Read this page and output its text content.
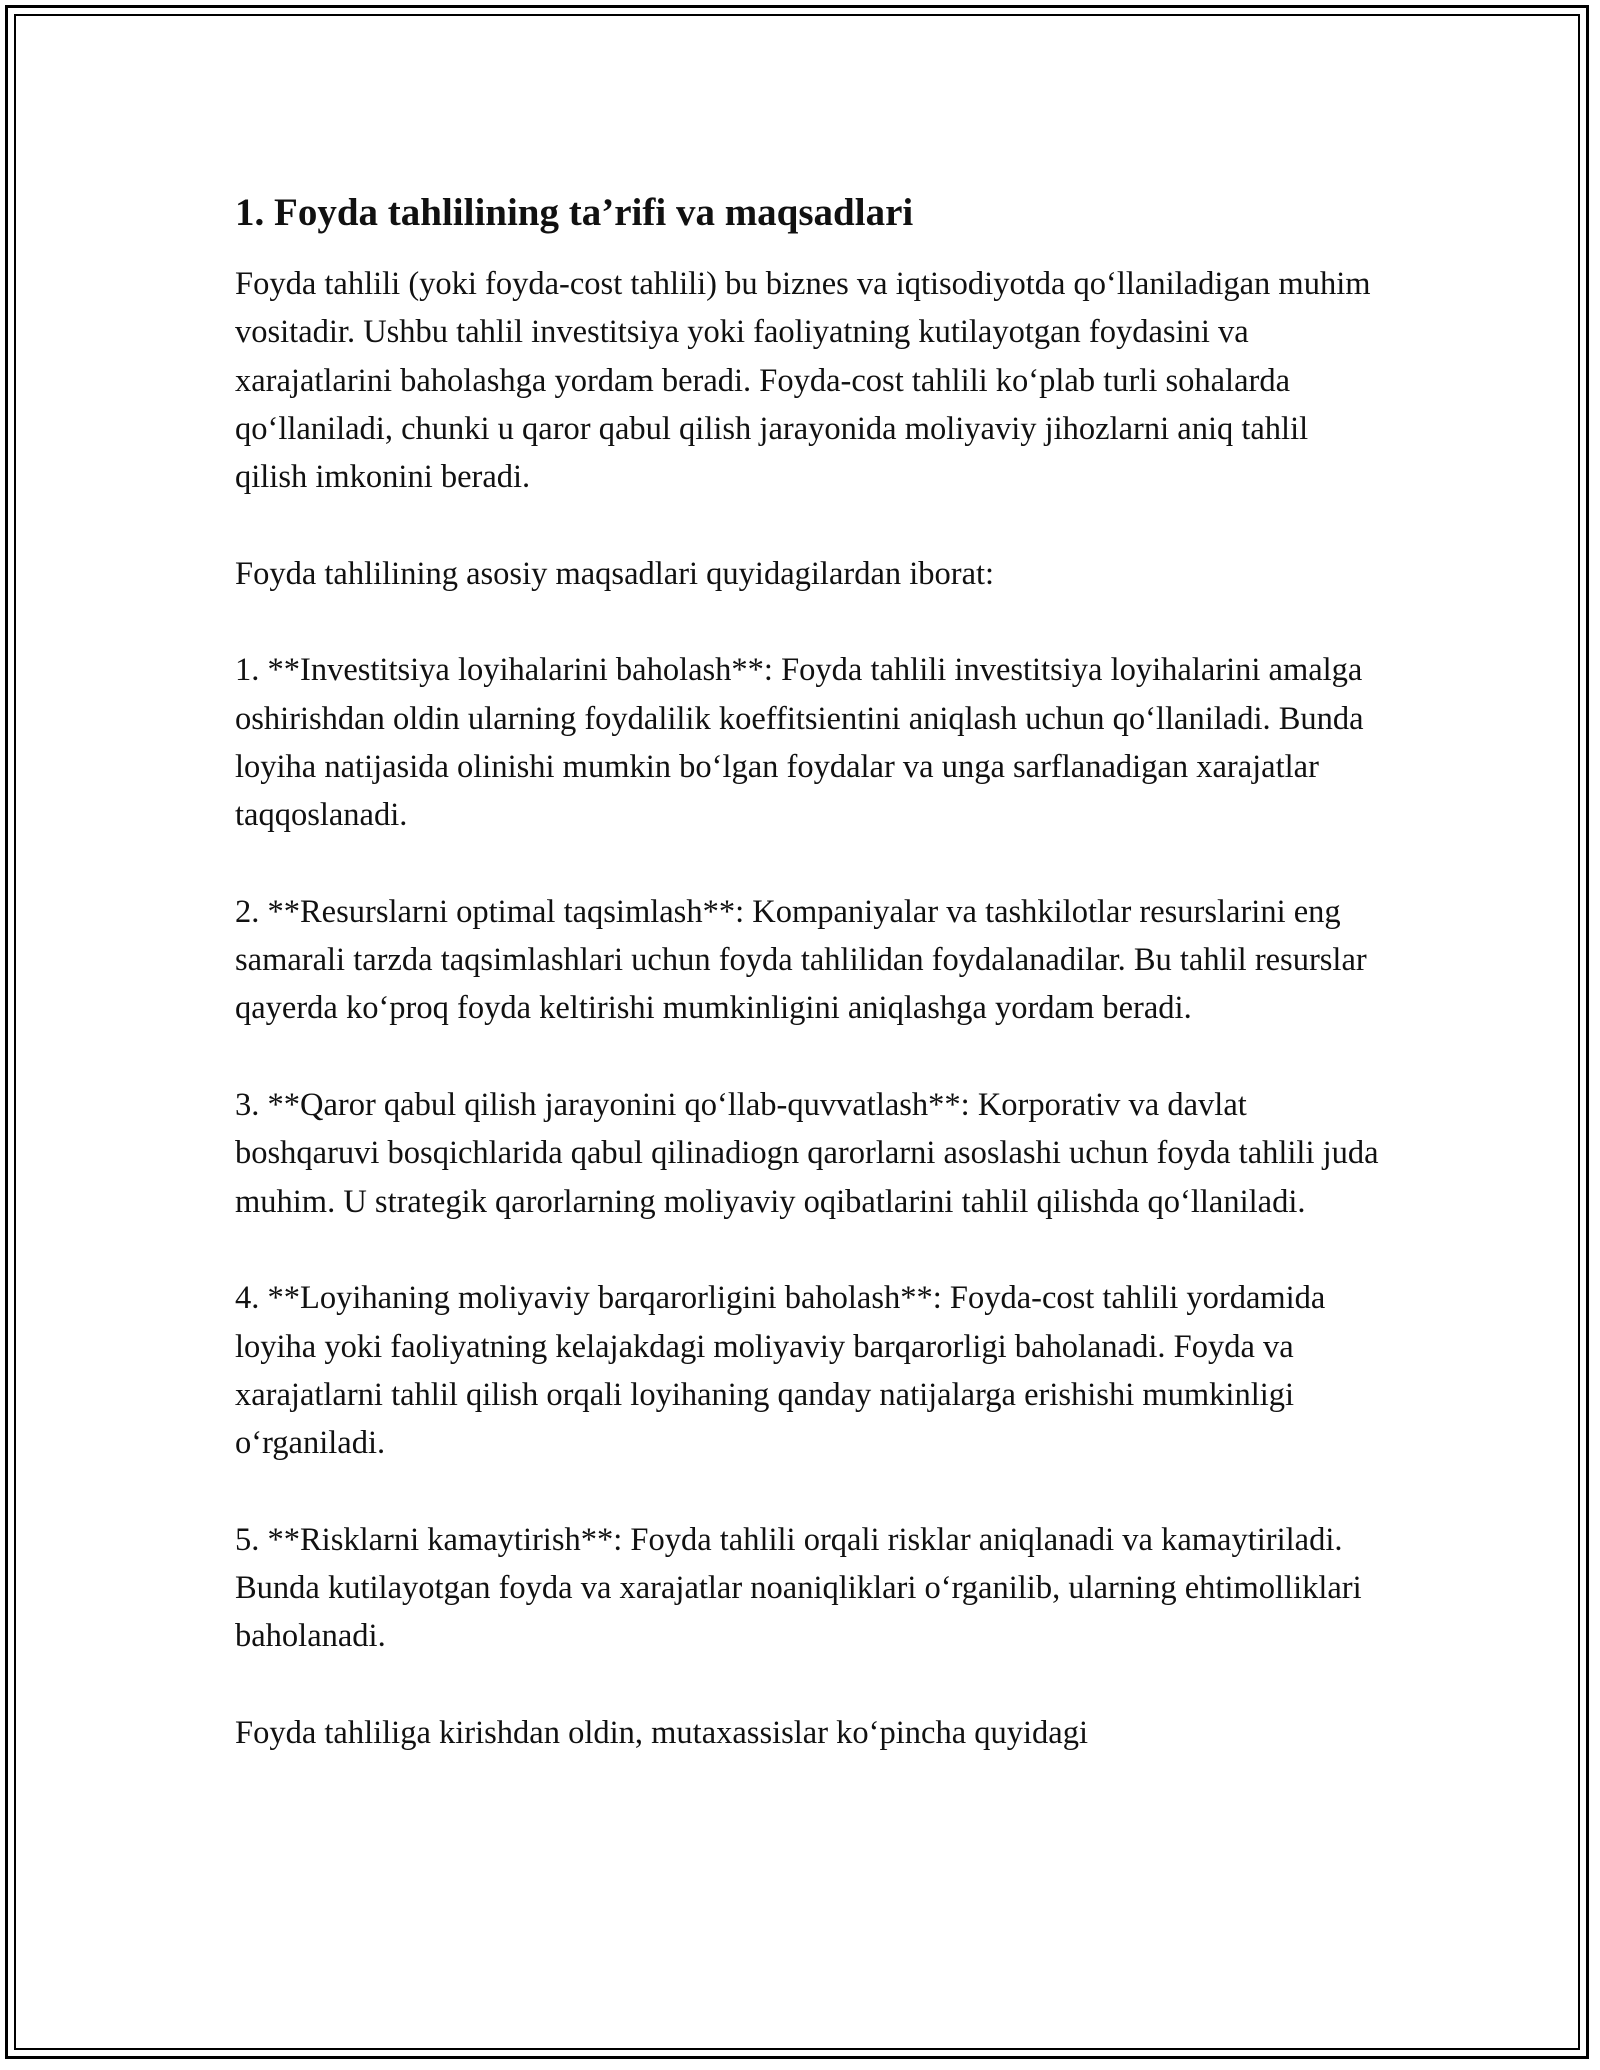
1. Foyda tahlilining ta’rifi va maqsadlari

Foyda tahlili (yoki foyda-cost tahlili) bu biznes va iqtisodiyotda qo‘llaniladigan muhim vositadir. Ushbu tahlil investitsiya yoki faoliyatning kutilayotgan foydasini va xarajatlarini baholashga yordam beradi. Foyda-cost tahlili ko‘plab turli sohalarda qo‘llaniladi, chunki u qaror qabul qilish jarayonida moliyaviy jihozlarni aniq tahlil qilish imkonini beradi.

Foyda tahlilining asosiy maqsadlari quyidagilardan iborat:

1. **Investitsiya loyihalarini baholash**: Foyda tahlili investitsiya loyihalarini amalga oshirishdan oldin ularning foydalilik koeffitsientini aniqlash uchun qo‘llaniladi. Bunda loyiha natijasida olinishi mumkin bo‘lgan foydalar va unga sarflanadigan xarajatlar taqqoslanadi.

2. **Resurslarni optimal taqsimlash**: Kompaniyalar va tashkilotlar resurslarini eng samarali tarzda taqsimlashlari uchun foyda tahlilidan foydalanadilar. Bu tahlil resurslar qayerda ko‘proq foyda keltirishi mumkinligini aniqlashga yordam beradi.

3. **Qaror qabul qilish jarayonini qo‘llab-quvvatlash**: Korporativ va davlat boshqaruvi bosqichlarida qabul qilinadiogn qarorlarni asoslashi uchun foyda tahlili juda muhim. U strategik qarorlarning moliyaviy oqibatlarini tahlil qilishda qo‘llaniladi.

4. **Loyihaning moliyaviy barqarorligini baholash**: Foyda-cost tahlili yordamida loyiha yoki faoliyatning kelajakdagi moliyaviy barqarorligi baholanadi. Foyda va xarajatlarni tahlil qilish orqali loyihaning qanday natijalarga erishishi mumkinligi o‘rganiladi.

5. **Risklarni kamaytirish**: Foyda tahlili orqali risklar aniqlanadi va kamaytiriladi. Bunda kutilayotgan foyda va xarajatlar noaniqliklari o‘rganilib, ularning ehtimolliklari baholanadi.

Foyda tahliliga kirishdan oldin, mutaxassislar ko‘pincha quyidagi
